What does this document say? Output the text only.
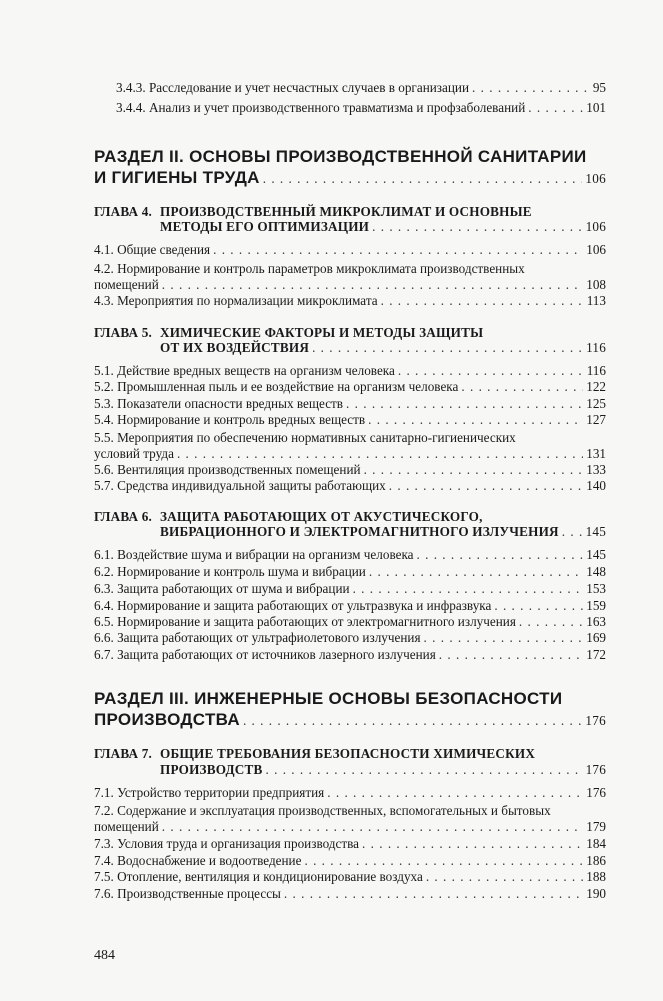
3.4.3. Расследование и учет несчастных случаев в организации . . .	95
3.4.4. Анализ и учет производственного травматизма и профзаболеваний . . .	101
РАЗДЕЛ II. ОСНОВЫ ПРОИЗВОДСТВЕННОЙ САНИТАРИИ
И ГИГИЕНЫ ТРУДА . . .	106
ГЛАВА 4. ПРОИЗВОДСТВЕННЫЙ МИКРОКЛИМАТ И ОСНОВНЫЕ
МЕТОДЫ ЕГО ОПТИМИЗАЦИИ . . .	106
4.1. Общие сведения . . .	106
4.2. Нормирование и контроль параметров микроклимата производственных
помещений . . .	108
4.3. Мероприятия по нормализации микроклимата . . .	113
ГЛАВА 5. ХИМИЧЕСКИЕ ФАКТОРЫ И МЕТОДЫ ЗАЩИТЫ
ОТ ИХ ВОЗДЕЙСТВИЯ . . .	116
5.1. Действие вредных веществ на организм человека . . .	116
5.2. Промышленная пыль и ее воздействие на организм человека . . .	122
5.3. Показатели опасности вредных веществ . . .	125
5.4. Нормирование и контроль вредных веществ . . .	127
5.5. Мероприятия по обеспечению нормативных санитарно-гигиенических
условий труда . . .	131
5.6. Вентиляция производственных помещений . . .	133
5.7. Средства индивидуальной защиты работающих . . .	140
ГЛАВА 6. ЗАЩИТА РАБОТАЮЩИХ ОТ АКУСТИЧЕСКОГО,
ВИБРАЦИОННОГО И ЭЛЕКТРОМАГНИТНОГО ИЗЛУЧЕНИЯ . . . 145
6.1. Воздействие шума и вибрации на организм человека . . .	145
6.2. Нормирование и контроль шума и вибрации . . .	148
6.3. Защита работающих от шума и вибрации . . .	153
6.4. Нормирование и защита работающих от ультразвука и инфразвука . . .	159
6.5. Нормирование и защита работающих от электромагнитного излучения . . .	163
6.6. Защита работающих от ультрафиолетового излучения . . .	169
6.7. Защита работающих от источников лазерного излучения . . .	172
РАЗДЕЛ III. ИНЖЕНЕРНЫЕ ОСНОВЫ БЕЗОПАСНОСТИ
ПРОИЗВОДСТВА . . .	176
ГЛАВА 7. ОБЩИЕ ТРЕБОВАНИЯ БЕЗОПАСНОСТИ ХИМИЧЕСКИХ
ПРОИЗВОДСТВ . . .	176
7.1. Устройство территории предприятия . . .	176
7.2. Содержание и эксплуатация производственных, вспомогательных и бытовых
помещений . . .	179
7.3. Условия труда и организация производства . . .	184
7.4. Водоснабжение и водоотведение . . .	186
7.5. Отопление, вентиляция и кондиционирование воздуха . . .	188
7.6. Производственные процессы . . .	190
484
